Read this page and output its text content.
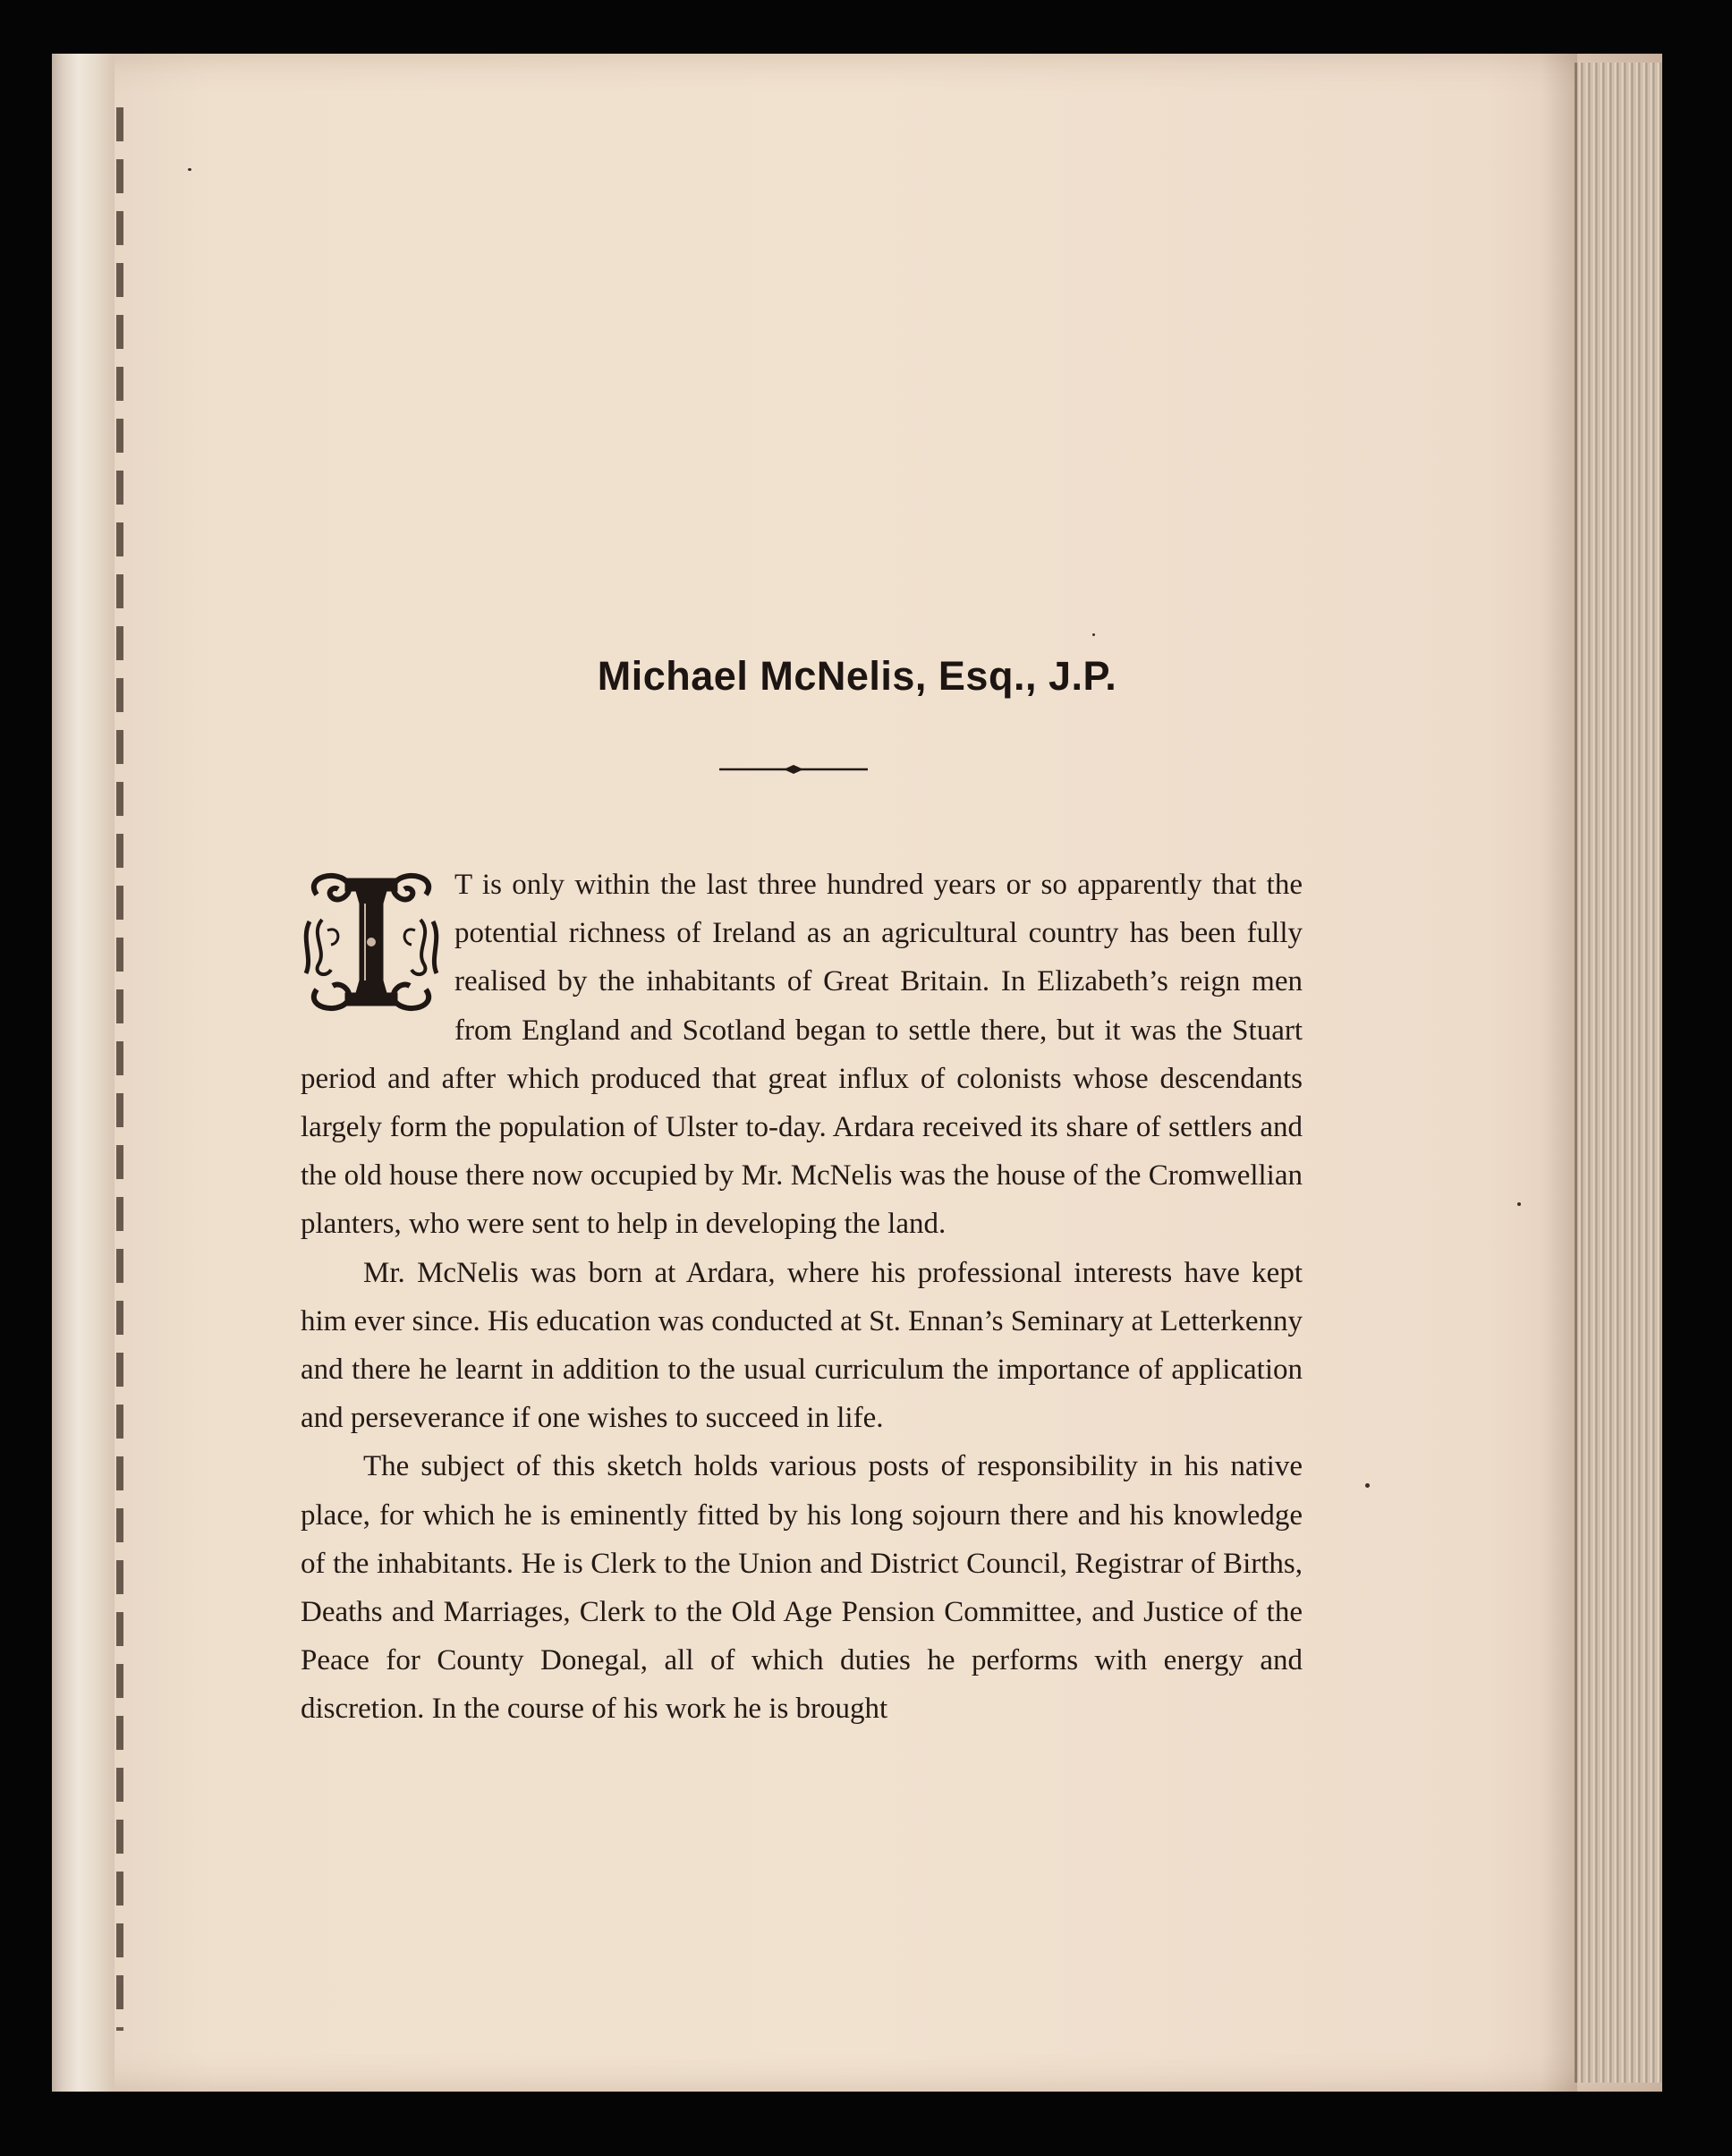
Michael McNelis, Esq., J.P.

T is only within the last three hundred years or so apparently that the potential richness of Ireland as an agricultural country has been fully realised by the inhabitants of Great Britain. In Elizabeth’s reign men from England and Scotland began to settle there, but it was the Stuart period and after which produced that great influx of colonists whose descendants largely form the population of Ulster to-day. Ardara received its share of settlers and the old house there now occupied by Mr. McNelis was the house of the Cromwellian planters, who were sent to help in developing the land.

Mr. McNelis was born at Ardara, where his professional interests have kept him ever since. His education was conducted at St. Ennan’s Seminary at Letterkenny and there he learnt in addition to the usual curriculum the importance of application and perseverance if one wishes to succeed in life.

The subject of this sketch holds various posts of responsibility in his native place, for which he is eminently fitted by his long sojourn there and his knowledge of the inhabitants. He is Clerk to the Union and District Council, Registrar of Births, Deaths and Marriages, Clerk to the Old Age Pension Committee, and Justice of the Peace for County Donegal, all of which duties he performs with energy and discretion. In the course of his work he is brought
